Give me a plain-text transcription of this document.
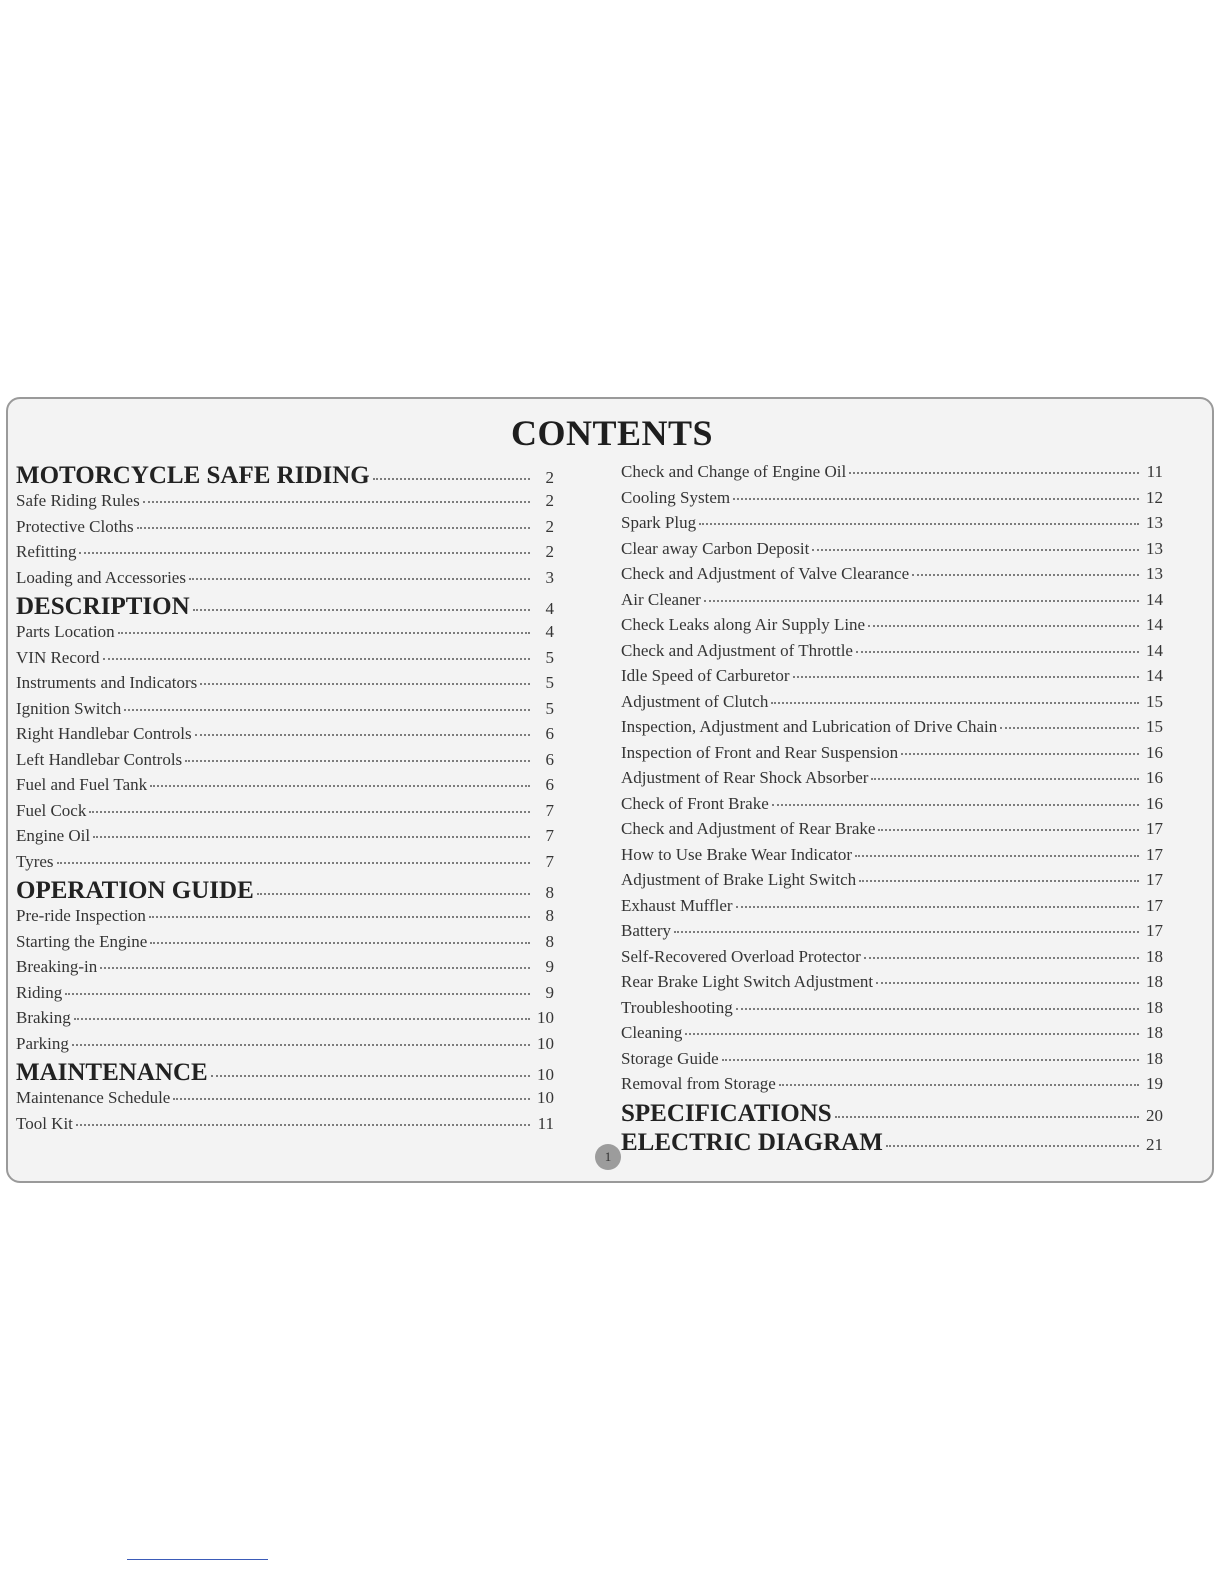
CONTENTS
MOTORCYCLE SAFE RIDING	2
Safe Riding Rules	2
Protective Cloths	2
Refitting	2
Loading and Accessories	3
DESCRIPTION	4
Parts Location	4
VIN Record	5
Instruments and Indicators	5
Ignition Switch	5
Right Handlebar Controls	6
Left Handlebar Controls	6
Fuel and Fuel Tank	6
Fuel Cock	7
Engine Oil	7
Tyres	7
OPERATION GUIDE	8
Pre-ride Inspection	8
Starting the Engine	8
Breaking-in	9
Riding	9
Braking	10
Parking	10
MAINTENANCE	10
Maintenance Schedule	10
Tool Kit	11
Check and Change of Engine Oil	11
Cooling System	12
Spark Plug	13
Clear away Carbon Deposit	13
Check and Adjustment of Valve Clearance	13
Air Cleaner	14
Check Leaks along Air Supply Line	14
Check and Adjustment of Throttle	14
Idle Speed of Carburetor	14
Adjustment of Clutch	15
Inspection, Adjustment and Lubrication of Drive Chain	15
Inspection of Front and Rear Suspension	16
Adjustment of Rear Shock Absorber	16
Check of Front Brake	16
Check and Adjustment of Rear Brake	17
How to Use Brake Wear Indicator	17
Adjustment of Brake Light Switch	17
Exhaust Muffler	17
Battery	17
Self-Recovered Overload Protector	18
Rear Brake Light Switch Adjustment	18
Troubleshooting	18
Cleaning	18
Storage Guide	18
Removal from Storage	19
SPECIFICATIONS	20
ELECTRIC DIAGRAM	21
1
